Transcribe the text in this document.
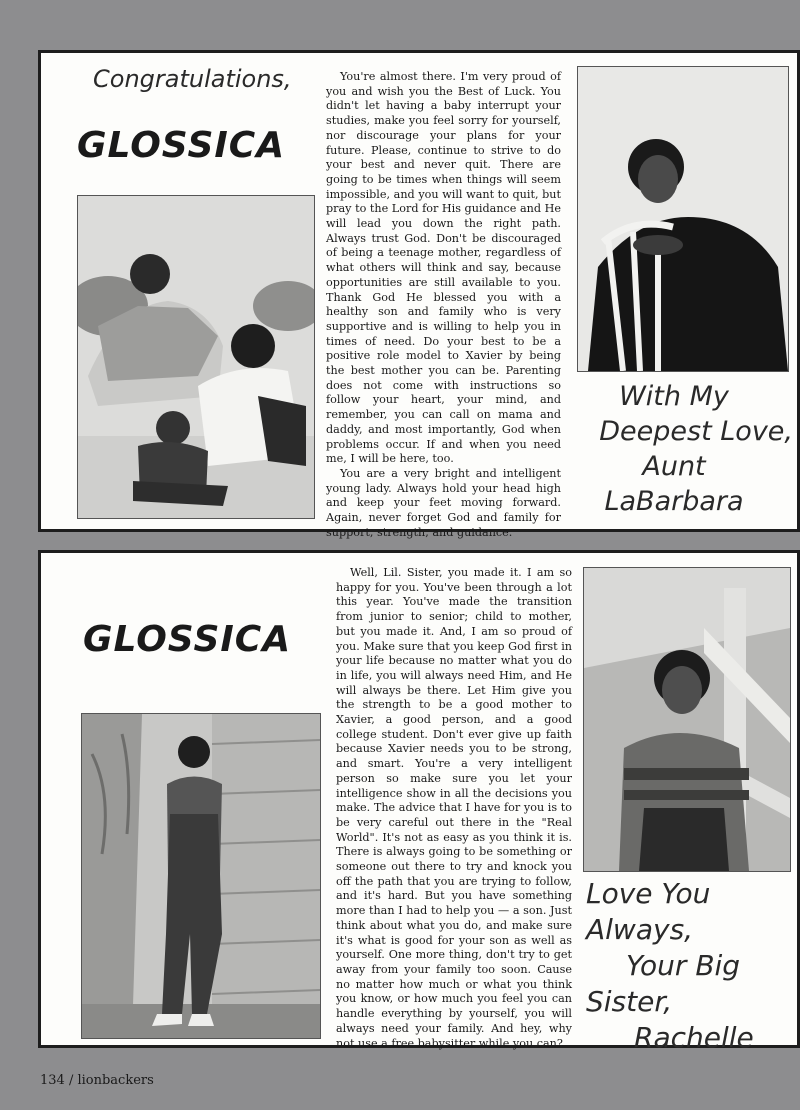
Congratulations,
GLOSSICA

You're almost there. I'm very proud of you and wish you the Best of Luck. You didn't let having a baby interrupt your studies, make you feel sorry for yourself, nor discourage your plans for your future. Please, continue to strive to do your best and never quit. There are going to be times when things will seem impossible, and you will want to quit, but pray to the Lord for His guidance and He will lead you down the right path. Always trust God. Don't be discouraged of being a teenage mother, regardless of what others will think and say, because opportunities are still available to you. Thank God He blessed you with a healthy son and family who is very supportive and is willing to help you in times of need. Do your best to be a positive role model to Xavier by being the best mother you can be. Parenting does not come with instructions so follow your heart, your mind, and remember, you can call on mama and daddy, and most importantly, God when problems occur. If and when you need me, I will be here, too.

You are a very bright and intelligent young lady. Always hold your head high and keep your feet moving forward. Again, never forget God and family for support, strength, and guidance.

With My
Deepest Love,
Aunt
LaBarbara
GLOSSICA

Well, Lil. Sister, you made it. I am so happy for you. You've been through a lot this year. You've made the transition from junior to senior; child to mother, but you made it. And, I am so proud of you. Make sure that you keep God first in your life because no matter what you do in life, you will always need Him, and He will always be there. Let Him give you the strength to be a good mother to Xavier, a good person, and a good college student. Don't ever give up faith because Xavier needs you to be strong, and smart. You're a very intelligent person so make sure you let your intelligence show in all the decisions you make. The advice that I have for you is to be very careful out there in the "Real World". It's not as easy as you think it is. There is always going to be something or someone out there to try and knock you off the path that you are trying to follow, and it's hard. But you have something more than I had to help you — a son. Just think about what you do, and make sure it's what is good for your son as well as yourself. One more thing, don't try to get away from your family too soon. Cause no matter how much or what you think you know, or how much you feel you can handle everything by yourself, you will always need your family. And hey, why not use a free babysitter while you can?

Love You
Always,
Your Big
Sister,
Rachelle
134 / lionbackers
